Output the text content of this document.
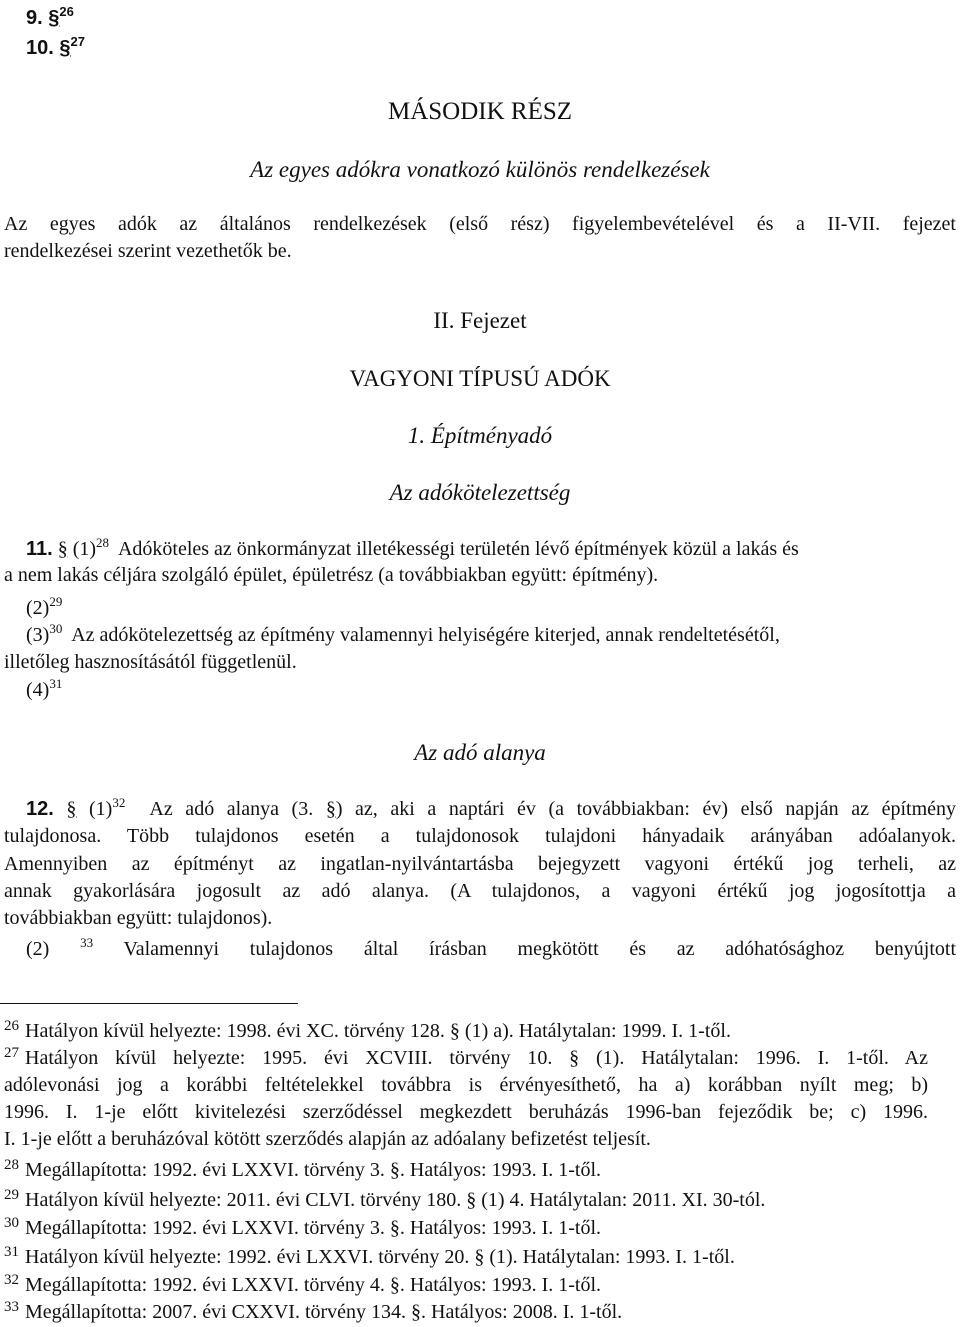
9. §$^{26}$
10. §$^{27}$
MÁSODIK RÉSZ
Az egyes adókra vonatkozó különös rendelkezések
Az egyes adók az általános rendelkezések (első rész) figyelembevételével és a II-VII. fejezet
rendelkezései szerint vezethetők be.
II. Fejezet
VAGYONI TÍPUSÚ ADÓK
1. Építményadó
Az adókötelezettség
11. § $(1)^{28}$ Adóköteles az önkormányzat illetékességi területén lévő építmények közül a lakás és
a nem lakás céljára szolgáló épület, épületrész (a továbbiakban együtt: építmény).
$(2)^{29}$
$(3)^{30}$ Az adókötelezettség az építmény valamennyi helyiségére kiterjed, annak rendeltetésétől,
illetőleg hasznosításától függetlenül.
$(4)^{31}$
Az adó alanya
12. § $(1)^{32}$ Az adó alanya (3. §) az, aki a naptári év (a továbbiakban: év) első napján az építmény
tulajdonosa. Több tulajdonos esetén a tulajdonosok tulajdoni hányadaik arányában adóalanyok.
Amennyiben az építményt az ingatlan-nyilvántartásba bejegyzett vagyoni értékű jog terheli, az
annak gyakorlására jogosult az adó alanya. (A tulajdonos, a vagyoni értékű jog jogosítottja a
továbbiakban együtt: tulajdonos).
(2) $^{33}$ Valamennyi tulajdonos által írásban megkötött és az adóhatósághoz benyújtott
$^{26}$ Hatályon kívül helyezte: 1998. évi XC. törvény 128. § (1) a). Hatálytalan: 1999. I. 1-től.
$^{27}$ Hatályon kívül helyezte: 1995. évi XCVIII. törvény 10. § (1). Hatálytalan: 1996. I. 1-től. Az
adólevonási jog a korábbi feltételekkel továbbra is érvényesíthető, ha a) korábban nyílt meg; b)
1996. I. 1-je előtt kivitelezési szerződéssel megkezdett beruházás 1996-ban fejeződik be; c) 1996.
I. 1-je előtt a beruházóval kötött szerződés alapján az adóalany befizetést teljesít.
$^{28}$ Megállapította: 1992. évi LXXVI. törvény 3. §. Hatályos: 1993. I. 1-től.
$^{29}$ Hatályon kívül helyezte: 2011. évi CLVI. törvény 180. § (1) 4. Hatálytalan: 2011. XI. 30-tól.
$^{30}$ Megállapította: 1992. évi LXXVI. törvény 3. §. Hatályos: 1993. I. 1-től.
$^{31}$ Hatályon kívül helyezte: 1992. évi LXXVI. törvény 20. § (1). Hatálytalan: 1993. I. 1-től.
$^{32}$ Megállapította: 1992. évi LXXVI. törvény 4. §. Hatályos: 1993. I. 1-től.
$^{33}$ Megállapította: 2007. évi CXXVI. törvény 134. §. Hatályos: 2008. I. 1-től.
